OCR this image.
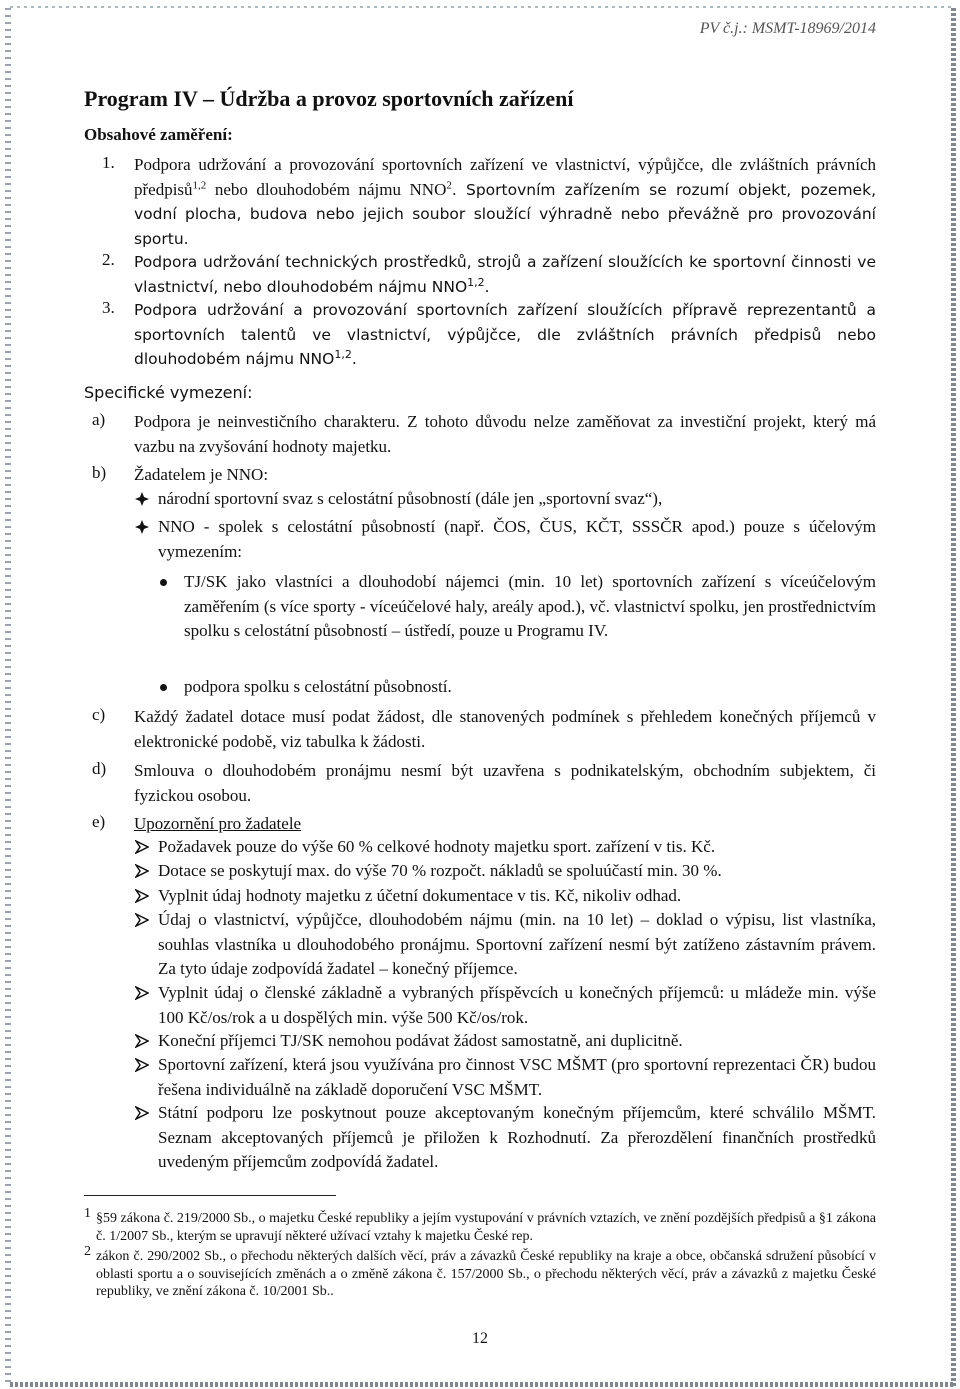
PV č.j.: MSMT-18969/2014
Program IV – Údržba a provoz sportovních zařízení
Obsahové zaměření:
1. Podpora udržování a provozování sportovních zařízení ve vlastnictví, výpůjčce, dle zvláštních právních předpisů$^{1,2}$ nebo dlouhodobém nájmu NNO$^2$. Sportovním zařízením se rozumí objekt, pozemek, vodní plocha, budova nebo jejich soubor sloužící výhradně nebo převážně pro provozování sportu.
2. Podpora udržování technických prostředků, strojů a zařízení sloužících ke sportovní činnosti ve vlastnictví, nebo dlouhodobém nájmu NNO$^{1,2}$.
3. Podpora udržování a provozování sportovních zařízení sloužících přípravě reprezentantů a sportovních talentů ve vlastnictví, výpůjčce, dle zvláštních právních předpisů nebo dlouhodobém nájmu NNO$^{1,2}$.
Specifické vymezení:
a) Podpora je neinvestičního charakteru. Z tohoto důvodu nelze zaměňovat za investiční projekt, který má vazbu na zvyšování hodnoty majetku.
b) Žadatelem je NNO:
národní sportovní svaz s celostátní působností (dále jen „sportovní svaz“),
NNO - spolek s celostátní působností (např. ČOS, ČUS, KČT, SSSČR apod.) pouze s účelovým vymezením:
TJ/SK jako vlastníci a dlouhodobí nájemci (min. 10 let) sportovních zařízení s víceúčelovým zaměřením (s více sporty - víceúčelové haly, areály apod.), vč. vlastnictví spolku, jen prostřednictvím spolku s celostátní působností – ústředí, pouze u Programu IV.
podpora spolku s celostátní působností.
c) Každý žadatel dotace musí podat žádost, dle stanovených podmínek s přehledem konečných příjemců v elektronické podobě, viz tabulka k žádosti.
d) Smlouva o dlouhodobém pronájmu nesmí být uzavřena s podnikatelským, obchodním subjektem, či fyzickou osobou.
e) Upozornění pro žadatele
Požadavek pouze do výše 60 % celkové hodnoty majetku sport. zařízení v tis. Kč.
Dotace se poskytují max. do výše 70 % rozpočt. nákladů se spoluúčastí min. 30 %.
Vyplnit údaj hodnoty majetku z účetní dokumentace v tis. Kč, nikoliv odhad.
Údaj o vlastnictví, výpůjčce, dlouhodobém nájmu (min. na 10 let) – doklad o výpisu, list vlastníka, souhlas vlastníka u dlouhodobého pronájmu. Sportovní zařízení nesmí být zatíženo zástavním právem. Za tyto údaje zodpovídá žadatel – konečný příjemce.
Vyplnit údaj o členské základně a vybraných příspěvcích u konečných příjemců: u mládeže min. výše 100 Kč/os/rok a u dospělých min. výše 500 Kč/os/rok.
Koneční příjemci TJ/SK nemohou podávat žádost samostatně, ani duplicitně.
Sportovní zařízení, která jsou využívána pro činnost VSC MŠMT (pro sportovní reprezentaci ČR) budou řešena individuálně na základě doporučení VSC MŠMT.
Státní podporu lze poskytnout pouze akceptovaným konečným příjemcům, které schválilo MŠMT. Seznam akceptovaných příjemců je přiložen k Rozhodnutí. Za přerozdělení finančních prostředků uvedeným příjemcům zodpovídá žadatel.
1 §59 zákona č. 219/2000 Sb., o majetku České republiky a jejím vystupování v právních vztazích, ve znění pozdějších předpisů a §1 zákona č. 1/2007 Sb., kterým se upravují některé užívací vztahy k majetku České rep.
2 zákon č. 290/2002 Sb., o přechodu některých dalších věcí, práv a závazků České republiky na kraje a obce, občanská sdružení působící v oblasti sportu a o souvisejících změnách a o změně zákona č. 157/2000 Sb., o přechodu některých věcí, práv a závazků z majetku České republiky, ve znění zákona č. 10/2001 Sb..
12
